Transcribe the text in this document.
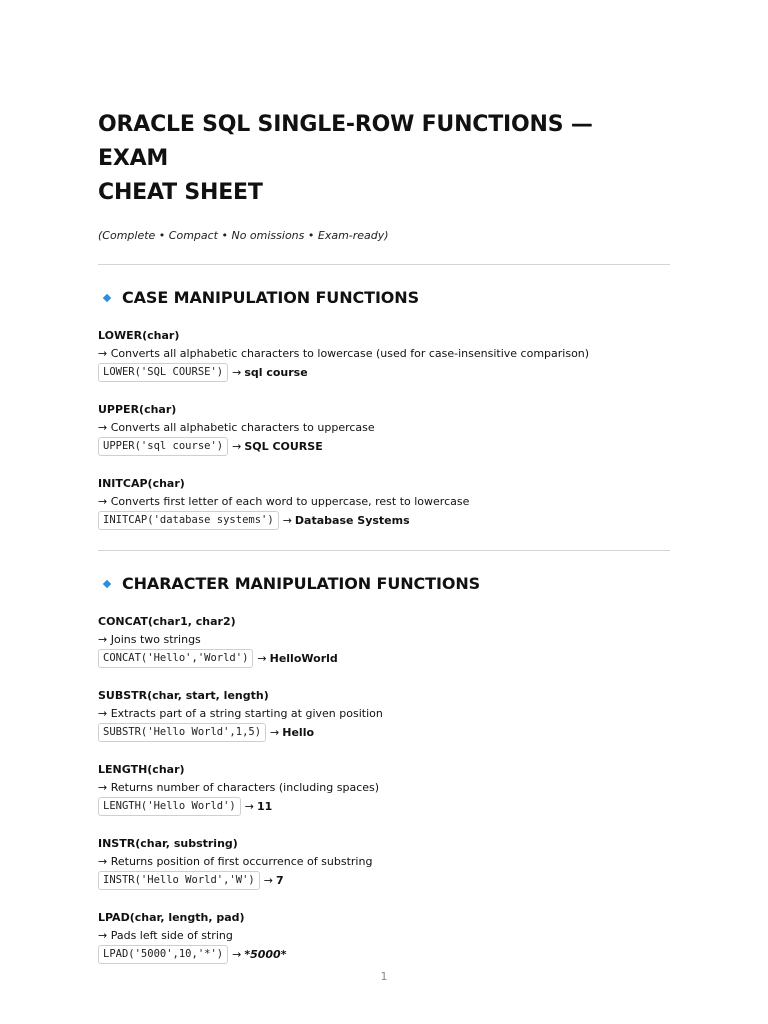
ORACLE SQL SINGLE-ROW FUNCTIONS — EXAM
CHEAT SHEET

(Complete • Compact • No omissions • Exam-ready)

CASE MANIPULATION FUNCTIONS
LOWER(char)
→ Converts all alphabetic characters to lowercase (used for case-insensitive comparison)
LOWER('SQL COURSE') → sql course
UPPER(char)
→ Converts all alphabetic characters to uppercase
UPPER('sql course') → SQL COURSE
INITCAP(char)
→ Converts first letter of each word to uppercase, rest to lowercase
INITCAP('database systems') → Database Systems
CHARACTER MANIPULATION FUNCTIONS
CONCAT(char1, char2)
→ Joins two strings
CONCAT('Hello','World') → HelloWorld
SUBSTR(char, start, length)
→ Extracts part of a string starting at given position
SUBSTR('Hello World',1,5) → Hello
LENGTH(char)
→ Returns number of characters (including spaces)
LENGTH('Hello World') → 11
INSTR(char, substring)
→ Returns position of first occurrence of substring
INSTR('Hello World','W') → 7
LPAD(char, length, pad)
→ Pads left side of string
LPAD('5000',10,'*') → *5000*
1
